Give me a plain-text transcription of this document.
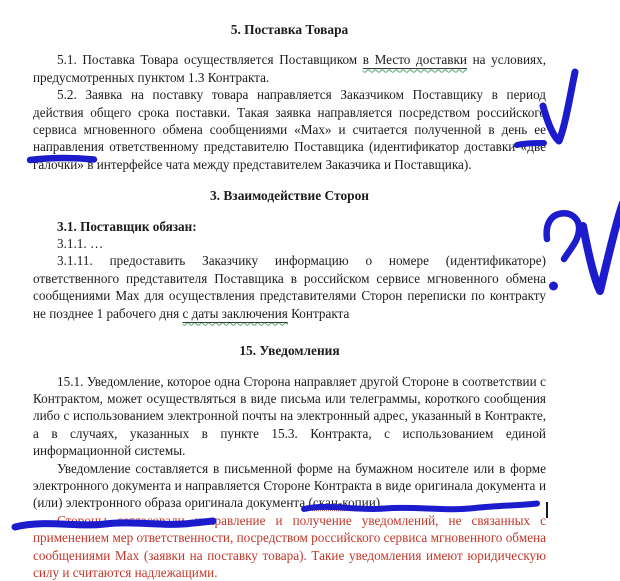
5. Поставка Товара

5.1. Поставка Товара осуществляется Поставщиком в Место доставки на условиях, предусмотренных пунктом 1.3 Контракта.

5.2. Заявка на поставку товара направляется Заказчиком Поставщику в период действия общего срока поставки. Такая заявка направляется посредством российского сервиса мгновенного обмена сообщениями «Мах» и считается полученной в день ее направления ответственному представителю Поставщика (идентификатор доставки «две галочки» в интерфейсе чата между представителем Заказчика и Поставщика).

3. Взаимодействие Сторон

3.1. Поставщик обязан:

3.1.1. …

3.1.11. предоставить Заказчику информацию о номере (идентификаторе) ответственного представителя Поставщика в российском сервисе мгновенного обмена сообщениями Мах для осуществления представителями Сторон переписки по контракту не позднее 1 рабочего дня с даты заключения Контракта

15. Уведомления

15.1. Уведомление, которое одна Сторона направляет другой Стороне в соответствии с Контрактом, может осуществляться в виде письма или телеграммы, короткого сообщения либо с использованием электронной почты на электронный адрес, указанный в Контракте, а в случаях, указанных в пункте 15.3. Контракта, с использованием единой информационной системы.

Уведомление составляется в письменной форме на бумажном носителе или в форме электронного документа и направляется Стороне Контракта в виде оригинала документа и (или) электронного образа оригинала документа (скан-копии).

Стороны согласовали направление и получение уведомлений, не связанных с применением мер ответственности, посредством российского сервиса мгновенного обмена сообщениями Мах (заявки на поставку товара). Такие уведомления имеют юридическую силу и считаются надлежащими.
